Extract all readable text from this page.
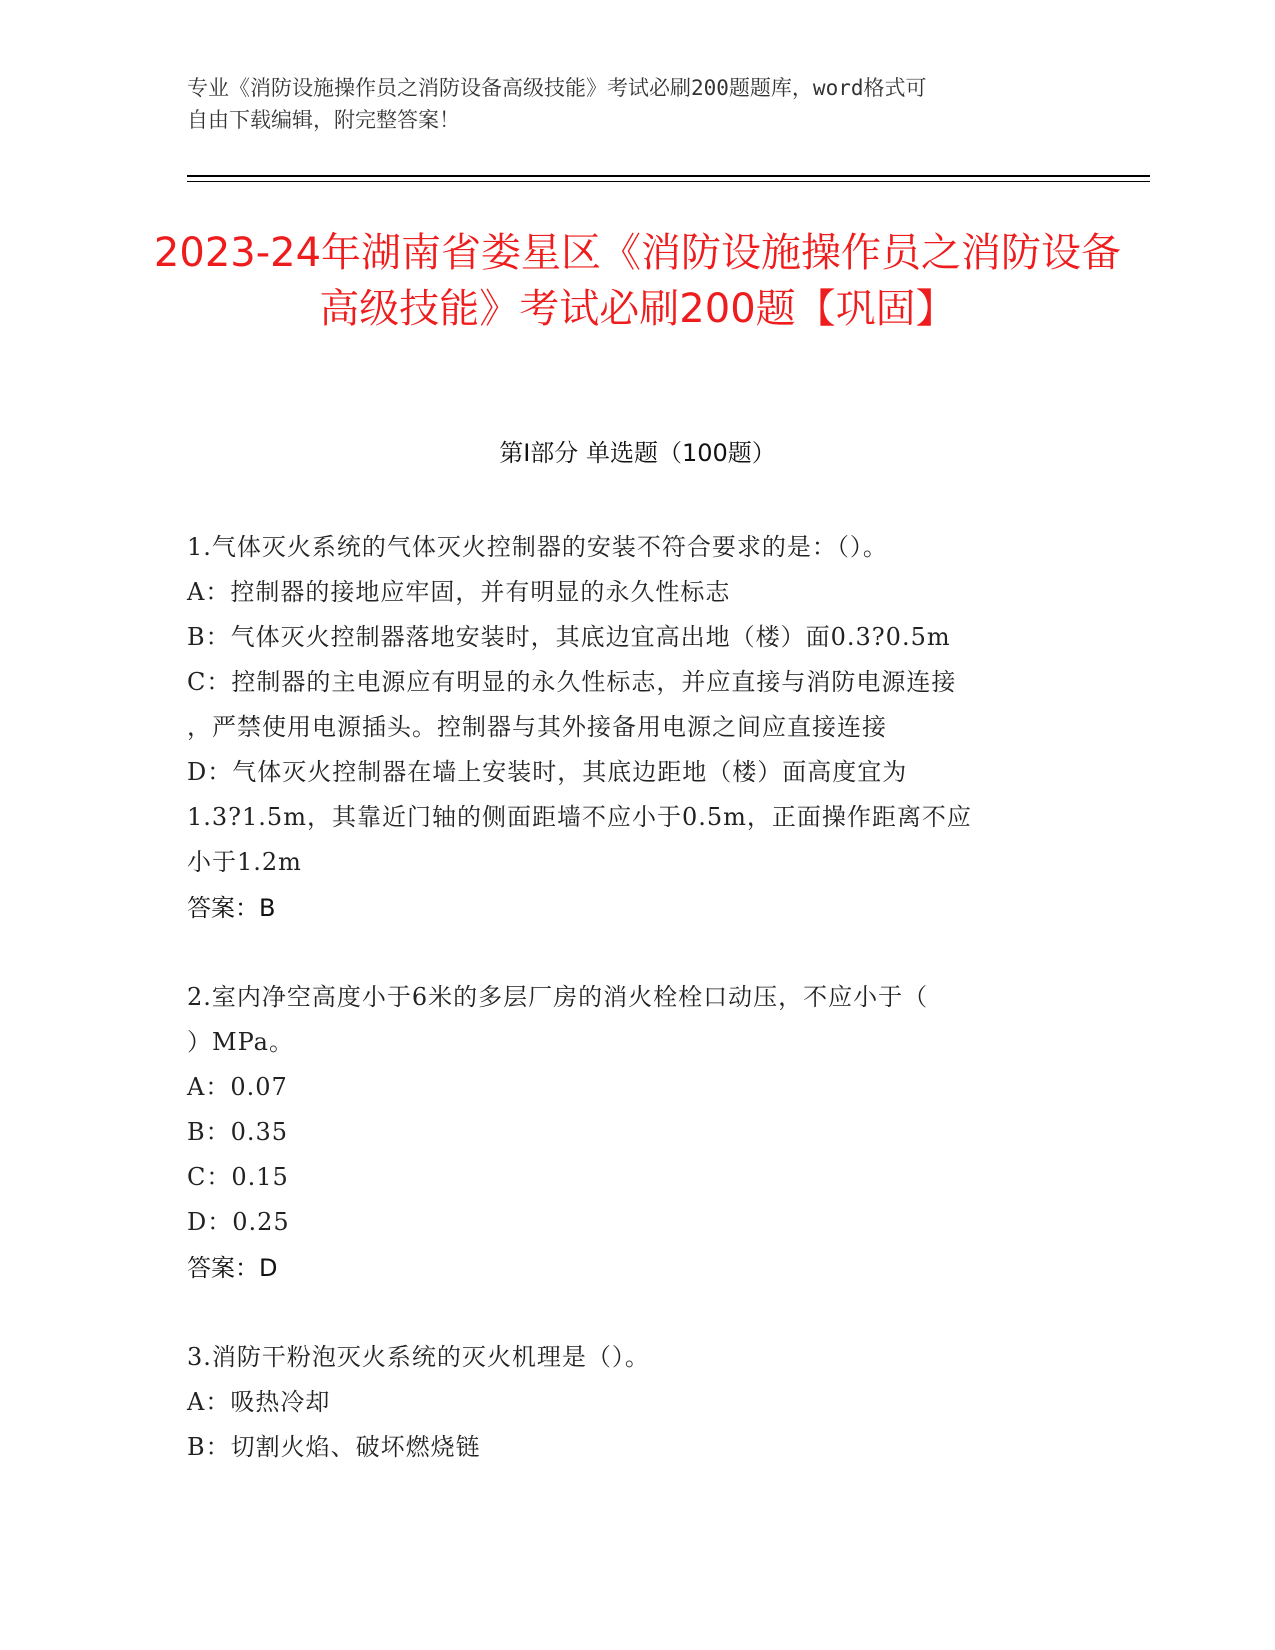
专业《消防设施操作员之消防设备高级技能》考试必刷200题题库，word格式可
自由下载编辑，附完整答案！
2023-24年湖南省娄星区《消防设施操作员之消防设备高级技能》考试必刷200题【巩固】
第I部分 单选题（100题）
1.气体灭火系统的气体灭火控制器的安装不符合要求的是：（）。
A：控制器的接地应牢固，并有明显的永久性标志
B：气体灭火控制器落地安装时，其底边宜高出地（楼）面0.3?0.5m
C：控制器的主电源应有明显的永久性标志，并应直接与消防电源连接
，严禁使用电源插头。控制器与其外接备用电源之间应直接连接
D：气体灭火控制器在墙上安装时，其底边距地（楼）面高度宜为
1.3?1.5m，其靠近门轴的侧面距墙不应小于0.5m，正面操作距离不应
小于1.2m
答案：B
2.室内净空高度小于6米的多层厂房的消火栓栓口动压，不应小于（
）MPa。
A：0.07
B：0.35
C：0.15
D：0.25
答案：D
3.消防干粉泡灭火系统的灭火机理是（）。
A：吸热冷却
B：切割火焰、破坏燃烧链
